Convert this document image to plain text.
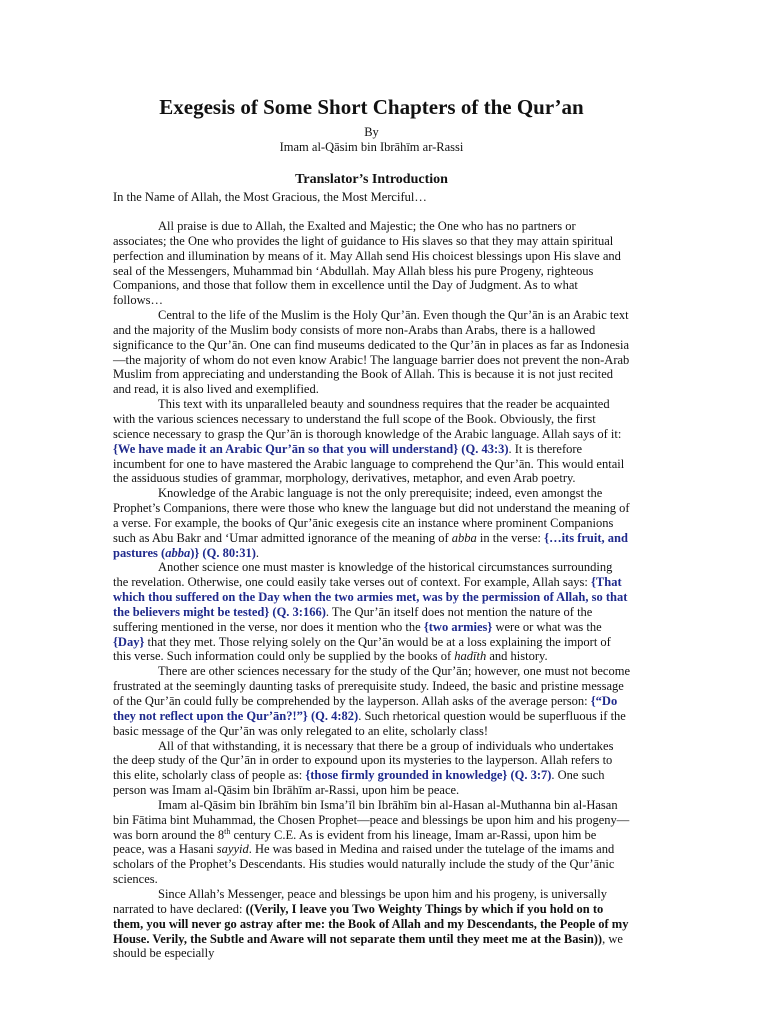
Exegesis of Some Short Chapters of the Qur’an
By
Imam al-Qāsim bin Ibrāhīm ar-Rassi
Translator’s Introduction
In the Name of Allah, the Most Gracious, the Most Merciful…

All praise is due to Allah, the Exalted and Majestic; the One who has no partners or associates; the One who provides the light of guidance to His slaves so that they may attain spiritual perfection and illumination by means of it. May Allah send His choicest blessings upon His slave and seal of the Messengers, Muhammad bin ‘Abdullah. May Allah bless his pure Progeny, righteous Companions, and those that follow them in excellence until the Day of Judgment. As to what follows…

Central to the life of the Muslim is the Holy Qur’ān. Even though the Qur’ān is an Arabic text and the majority of the Muslim body consists of more non-Arabs than Arabs, there is a hallowed significance to the Qur’ān. One can find museums dedicated to the Qur’ān in places as far as Indonesia—the majority of whom do not even know Arabic! The language barrier does not prevent the non-Arab Muslim from appreciating and understanding the Book of Allah. This is because it is not just recited and read, it is also lived and exemplified.

This text with its unparalleled beauty and soundness requires that the reader be acquainted with the various sciences necessary to understand the full scope of the Book. Obviously, the first science necessary to grasp the Qur’ān is thorough knowledge of the Arabic language. Allah says of it: {We have made it an Arabic Qur’ān so that you will understand} (Q. 43:3). It is therefore incumbent for one to have mastered the Arabic language to comprehend the Qur’ān. This would entail the assiduous studies of grammar, morphology, derivatives, metaphor, and even Arab poetry.

Knowledge of the Arabic language is not the only prerequisite; indeed, even amongst the Prophet’s Companions, there were those who knew the language but did not understand the meaning of a verse. For example, the books of Qur’ānic exegesis cite an instance where prominent Companions such as Abu Bakr and ‘Umar admitted ignorance of the meaning of abba in the verse: {…its fruit, and pastures (abba)} (Q. 80:31).

Another science one must master is knowledge of the historical circumstances surrounding the revelation. Otherwise, one could easily take verses out of context. For example, Allah says: {That which thou suffered on the Day when the two armies met, was by the permission of Allah, so that the believers might be tested} (Q. 3:166). The Qur’ān itself does not mention the nature of the suffering mentioned in the verse, nor does it mention who the {two armies} were or what was the {Day} that they met. Those relying solely on the Qur’ān would be at a loss explaining the import of this verse. Such information could only be supplied by the books of hadīth and history.

There are other sciences necessary for the study of the Qur’ān; however, one must not become frustrated at the seemingly daunting tasks of prerequisite study. Indeed, the basic and pristine message of the Qur’ān could fully be comprehended by the layperson. Allah asks of the average person: {“Do they not reflect upon the Qur’ān?!”} (Q. 4:82). Such rhetorical question would be superfluous if the basic message of the Qur’ān was only relegated to an elite, scholarly class!

All of that withstanding, it is necessary that there be a group of individuals who undertakes the deep study of the Qur’ān in order to expound upon its mysteries to the layperson. Allah refers to this elite, scholarly class of people as: {those firmly grounded in knowledge} (Q. 3:7). One such person was Imam al-Qāsim bin Ibrāhīm ar-Rassi, upon him be peace.

Imam al-Qāsim bin Ibrāhīm bin Isma’īl bin Ibrāhīm bin al-Hasan al-Muthanna bin al-Hasan bin Fātima bint Muhammad, the Chosen Prophet—peace and blessings be upon him and his progeny—was born around the 8th century C.E. As is evident from his lineage, Imam ar-Rassi, upon him be peace, was a Hasani sayyid. He was based in Medina and raised under the tutelage of the imams and scholars of the Prophet’s Descendants. His studies would naturally include the study of the Qur’ānic sciences.

Since Allah’s Messenger, peace and blessings be upon him and his progeny, is universally narrated to have declared: ((Verily, I leave you Two Weighty Things by which if you hold on to them, you will never go astray after me: the Book of Allah and my Descendants, the People of my House. Verily, the Subtle and Aware will not separate them until they meet me at the Basin)), we should be especially
